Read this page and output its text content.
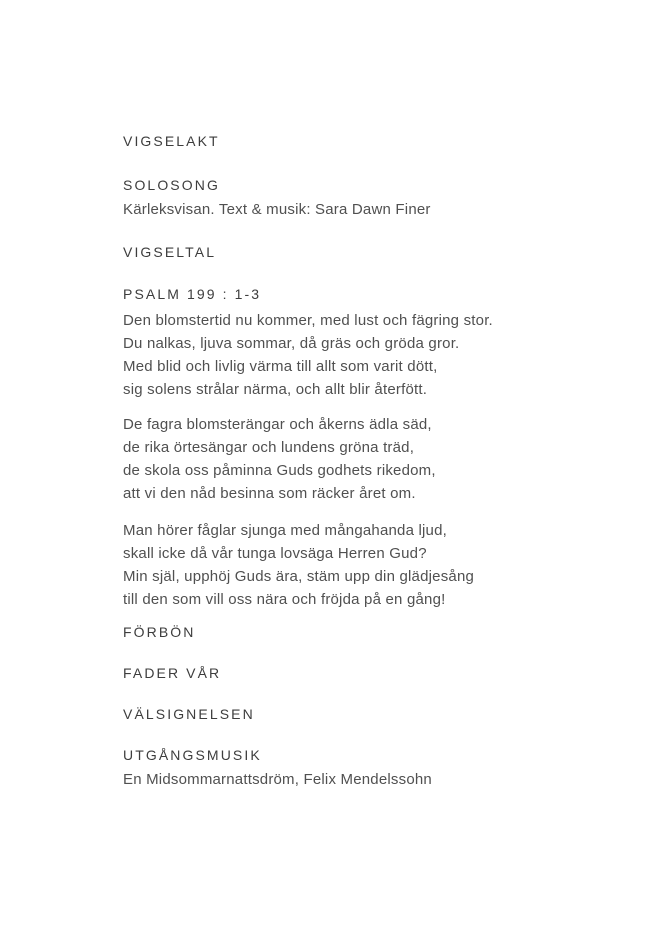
VIGSELAKT
SOLOSONG
Kärleksvisan. Text & musik: Sara Dawn Finer
VIGSELTAL
PSALM 199 : 1-3
Den blomstertid nu kommer, med lust och fägring stor.
Du nalkas, ljuva sommar, då gräs och gröda gror.
Med blid och livlig värma till allt som varit dött,
sig solens strålar närma, och allt blir återfött.
De fagra blomsterängar och åkerns ädla säd,
de rika örtesängar och lundens gröna träd,
de skola oss påminna Guds godhets rikedom,
att vi den nåd besinna som räcker året om.
Man hörer fåglar sjunga med mångahanda ljud,
skall icke då vår tunga lovsäga Herren Gud?
Min själ, upphöj Guds ära, stäm upp din glädjesång
till den som vill oss nära och fröjda på en gång!
FÖRBÖN
FADER VÅR
VÄLSIGNELSEN
UTGÅNGSMUSIK
En Midsommarnattsdröm, Felix Mendelssohn
